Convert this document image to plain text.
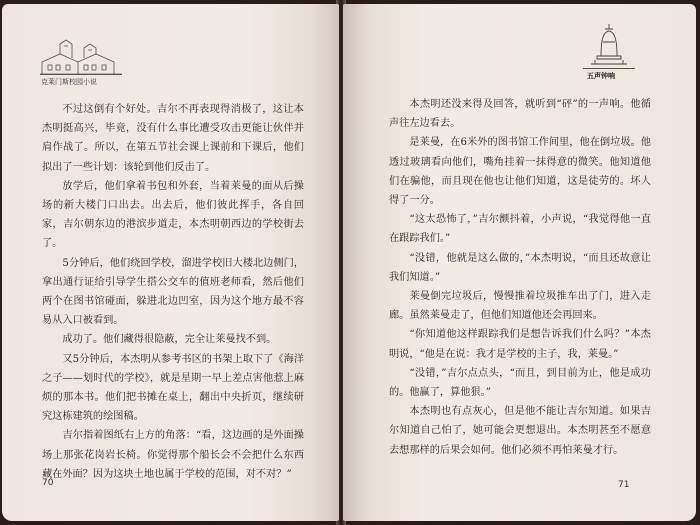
克莱门斯校园小说

不过这倒有个好处。吉尔不再表现得消极了，这让本杰明挺高兴，毕竟，没有什么事比遭受攻击更能让伙伴并肩作战了。所以，在第五节社会课上课前和下课后，他们拟出了一些计划：该轮到他们反击了。

放学后，他们拿着书包和外套，当着莱曼的面从后操场的新大楼门口出去。出去后，他们彼此挥手，各自回家，吉尔朝东边的港滨步道走，本杰明朝西边的学校街去了。

5分钟后，他们绕回学校，溜进学校旧大楼北边侧门，拿出通行证给引导学生搭公交车的值班老师看，然后他们两个在图书馆碰面，躲进北边凹室，因为这个地方最不容易从入口被看到。

成功了。他们藏得很隐蔽，完全让莱曼找不到。

又5分钟后，本杰明从参考书区的书架上取下了《海洋之子——划时代的学校》，就是星期一早上差点害他惹上麻烦的那本书。他们把书摊在桌上，翻出中央折页，继续研究这栋建筑的绘图稿。

吉尔指着图纸右上方的角落：“看，这边画的是外面操场上那张花岗岩长椅。你觉得那个船长会不会把什么东西藏在外面？因为这块土地也属于学校的范围，对不对？”

70
五声钟响

本杰明还没来得及回答，就听到“砰”的一声响。他循声往左边看去。

是莱曼，在6米外的图书馆工作间里，他在倒垃圾。他透过玻璃看向他们，嘴角挂着一抹得意的微笑。他知道他们在骗他，而且现在他也让他们知道，这是徒劳的。坏人得了一分。

“这太恐怖了，”吉尔颤抖着，小声说，“我觉得他一直在跟踪我们。”

“没错，他就是这么做的，”本杰明说，“而且还故意让我们知道。”

莱曼倒完垃圾后，慢慢推着垃圾推车出了门，进入走廊。虽然莱曼走了，但他们知道他还会再回来。

“你知道他这样跟踪我们是想告诉我们什么吗？”本杰明说，“他是在说：我才是学校的主子，我，莱曼。”

“没错，”吉尔点点头，“而且，到目前为止，他是成功的。他赢了，算他狠。”

本杰明也有点灰心，但是他不能让吉尔知道。如果吉尔知道自己怕了，她可能会更想退出。本杰明甚至不愿意去想那样的后果会如何。他们必须不再怕莱曼才行。

71
